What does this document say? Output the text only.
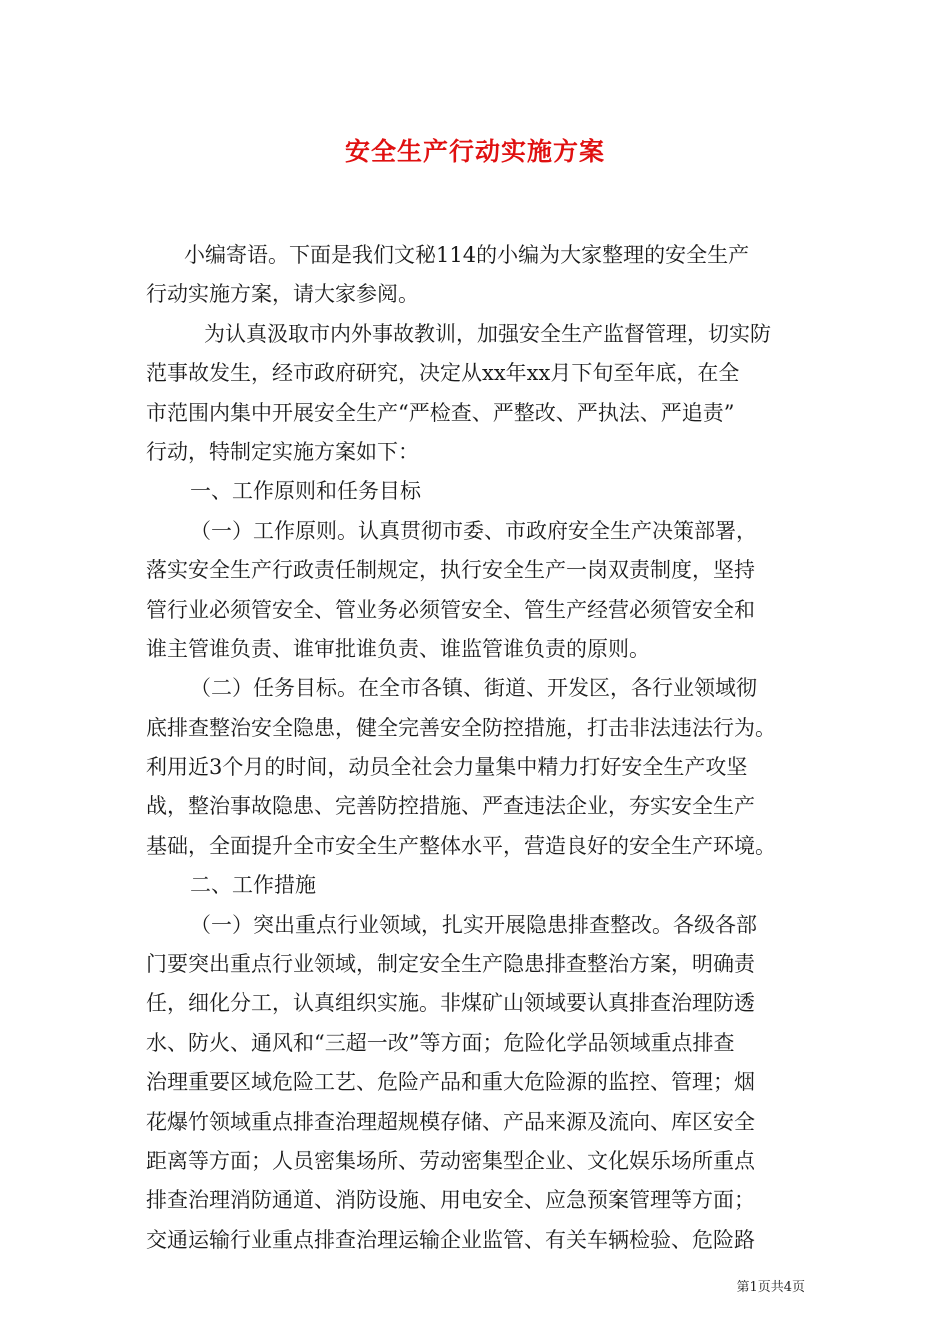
安全生产行动实施方案
小编寄语。下面是我们文秘114的小编为大家整理的安全生产
行动实施方案，请大家参阅。
为认真汲取市内外事故教训，加强安全生产监督管理，切实防
范事故发生，经市政府研究，决定从xx年xx月下旬至年底，在全
市范围内集中开展安全生产“严检查、严整改、严执法、严追责”
行动，特制定实施方案如下：
一、工作原则和任务目标
（一）工作原则。认真贯彻市委、市政府安全生产决策部署，
落实安全生产行政责任制规定，执行安全生产一岗双责制度，坚持
管行业必须管安全、管业务必须管安全、管生产经营必须管安全和
谁主管谁负责、谁审批谁负责、谁监管谁负责的原则。
（二）任务目标。在全市各镇、街道、开发区，各行业领域彻
底排查整治安全隐患，健全完善安全防控措施，打击非法违法行为。
利用近3个月的时间，动员全社会力量集中精力打好安全生产攻坚
战，整治事故隐患、完善防控措施、严查违法企业，夯实安全生产
基础，全面提升全市安全生产整体水平，营造良好的安全生产环境。
二、工作措施
（一）突出重点行业领域，扎实开展隐患排查整改。各级各部
门要突出重点行业领域，制定安全生产隐患排查整治方案，明确责
任，细化分工，认真组织实施。非煤矿山领域要认真排查治理防透
水、防火、通风和“三超一改”等方面；危险化学品领域重点排查
治理重要区域危险工艺、危险产品和重大危险源的监控、管理；烟
花爆竹领域重点排查治理超规模存储、产品来源及流向、库区安全
距离等方面；人员密集场所、劳动密集型企业、文化娱乐场所重点
排查治理消防通道、消防设施、用电安全、应急预案管理等方面；
交通运输行业重点排查治理运输企业监管、有关车辆检验、危险路
第1页共4页
